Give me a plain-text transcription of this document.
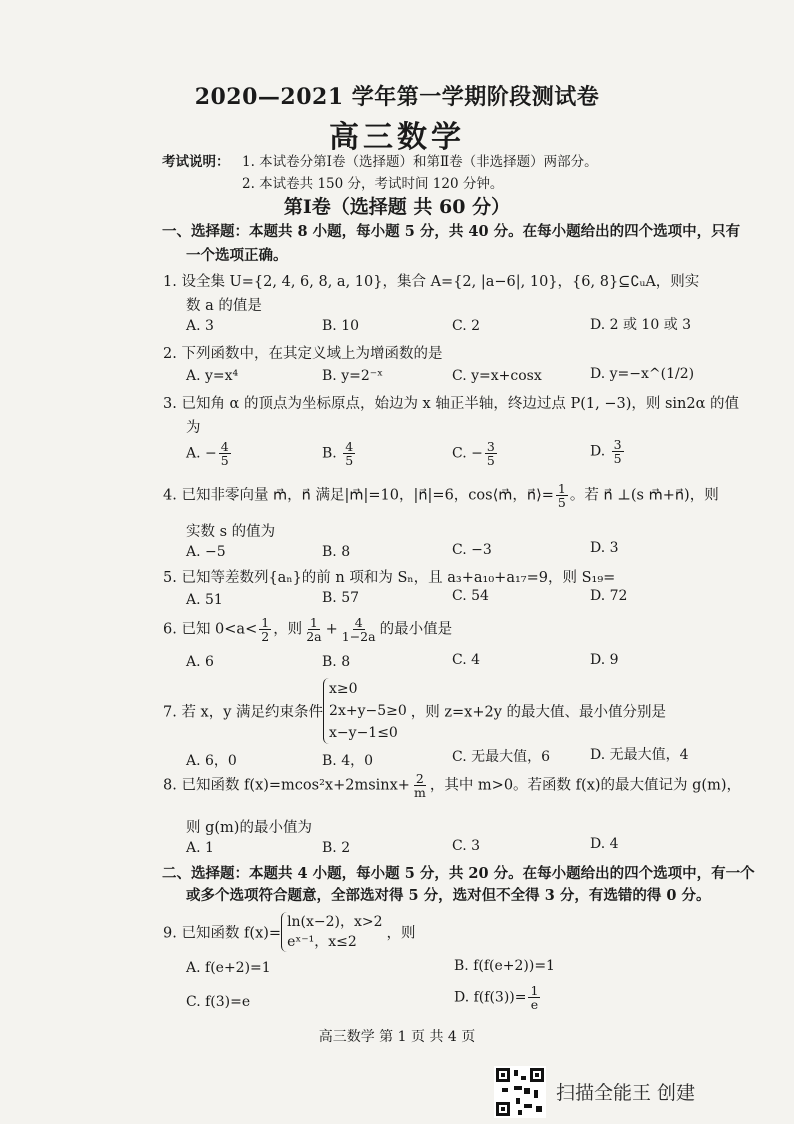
2020—2021 学年第一学期阶段测试卷
高三数学
考试说明： 1. 本试卷分第Ⅰ卷（选择题）和第Ⅱ卷（非选择题）两部分。
2. 本试卷共 150 分，考试时间 120 分钟。
第Ⅰ卷（选择题 共 60 分）
一、选择题：本题共 8 小题，每小题 5 分，共 40 分。在每小题给出的四个选项中，只有
一个选项正确。
1. 设全集 U={2, 4, 6, 8, a, 10}，集合 A={2, |a−6|, 10}，{6, 8}⊆∁ᵤA，则实
数 a 的值是
A. 3	B. 10	C. 2	D. 2 或 10 或 3
2. 下列函数中，在其定义域上为增函数的是
A. y=x⁴	B. y=2⁻ˣ	C. y=x+cosx	D. y=−x^(1/2)
3. 已知角 α 的顶点为坐标原点，始边为 x 轴正半轴，终边过点 P(1, −3)，则 sin2α 的值
为
A. − $\frac{4}{5}$	B. $\frac{4}{5}$	C. − $\frac{3}{5}$	D. $\frac{3}{5}$
4. 已知非零向量 m⃗，n⃗ 满足|m⃗|=10，|n⃗|=6，cos⟨m⃗，n⃗⟩= $\frac{1}{5}$ 。若 n⃗ ⊥(s m⃗+n⃗)，则
实数 s 的值为
A. −5	B. 8	C. −3	D. 3
5. 已知等差数列{aₙ}的前 n 项和为 Sₙ，且 a₃+a₁₀+a₁₇=9，则 S₁₉=
A. 51	B. 57	C. 54	D. 72
6. 已知 $0<a< \frac{1}{2}$ ，则 $\frac{1}{2a} + \frac{4}{1-2a}$ 的最小值是
A. 6	B. 8	C. 4	D. 9
7. 若 x，y 满足约束条件
x≥0
2x+y−5≥0
x−y−1≤0
，则 z=x+2y 的最大值、最小值分别是
A. 6，0	B. 4，0	C. 无最大值，6	D. 无最大值，4
8. 已知函数 $f(x)=mcos^2x+2msinx+ \frac{2}{m}$ ，其中 m>0。若函数 f(x)的最大值记为 g(m)，
则 g(m)的最小值为
A. 1	B. 2	C. 3	D. 4
二、选择题：本题共 4 小题，每小题 5 分，共 20 分。在每小题给出的四个选项中，有一个
或多个选项符合题意，全部选对得 5 分，选对但不全得 3 分，有选错的得 0 分。
9. 已知函数 f(x)=
ln(x−2)，x>2
eˣ⁻¹，x≤2
，则
A. f(e+2)=1	B. f(f(e+2))=1
C. f(3)=e	D. $f(f(3))= \frac{1}{e}$
高三数学 第 1 页 共 4 页
扫描全能王 创建
